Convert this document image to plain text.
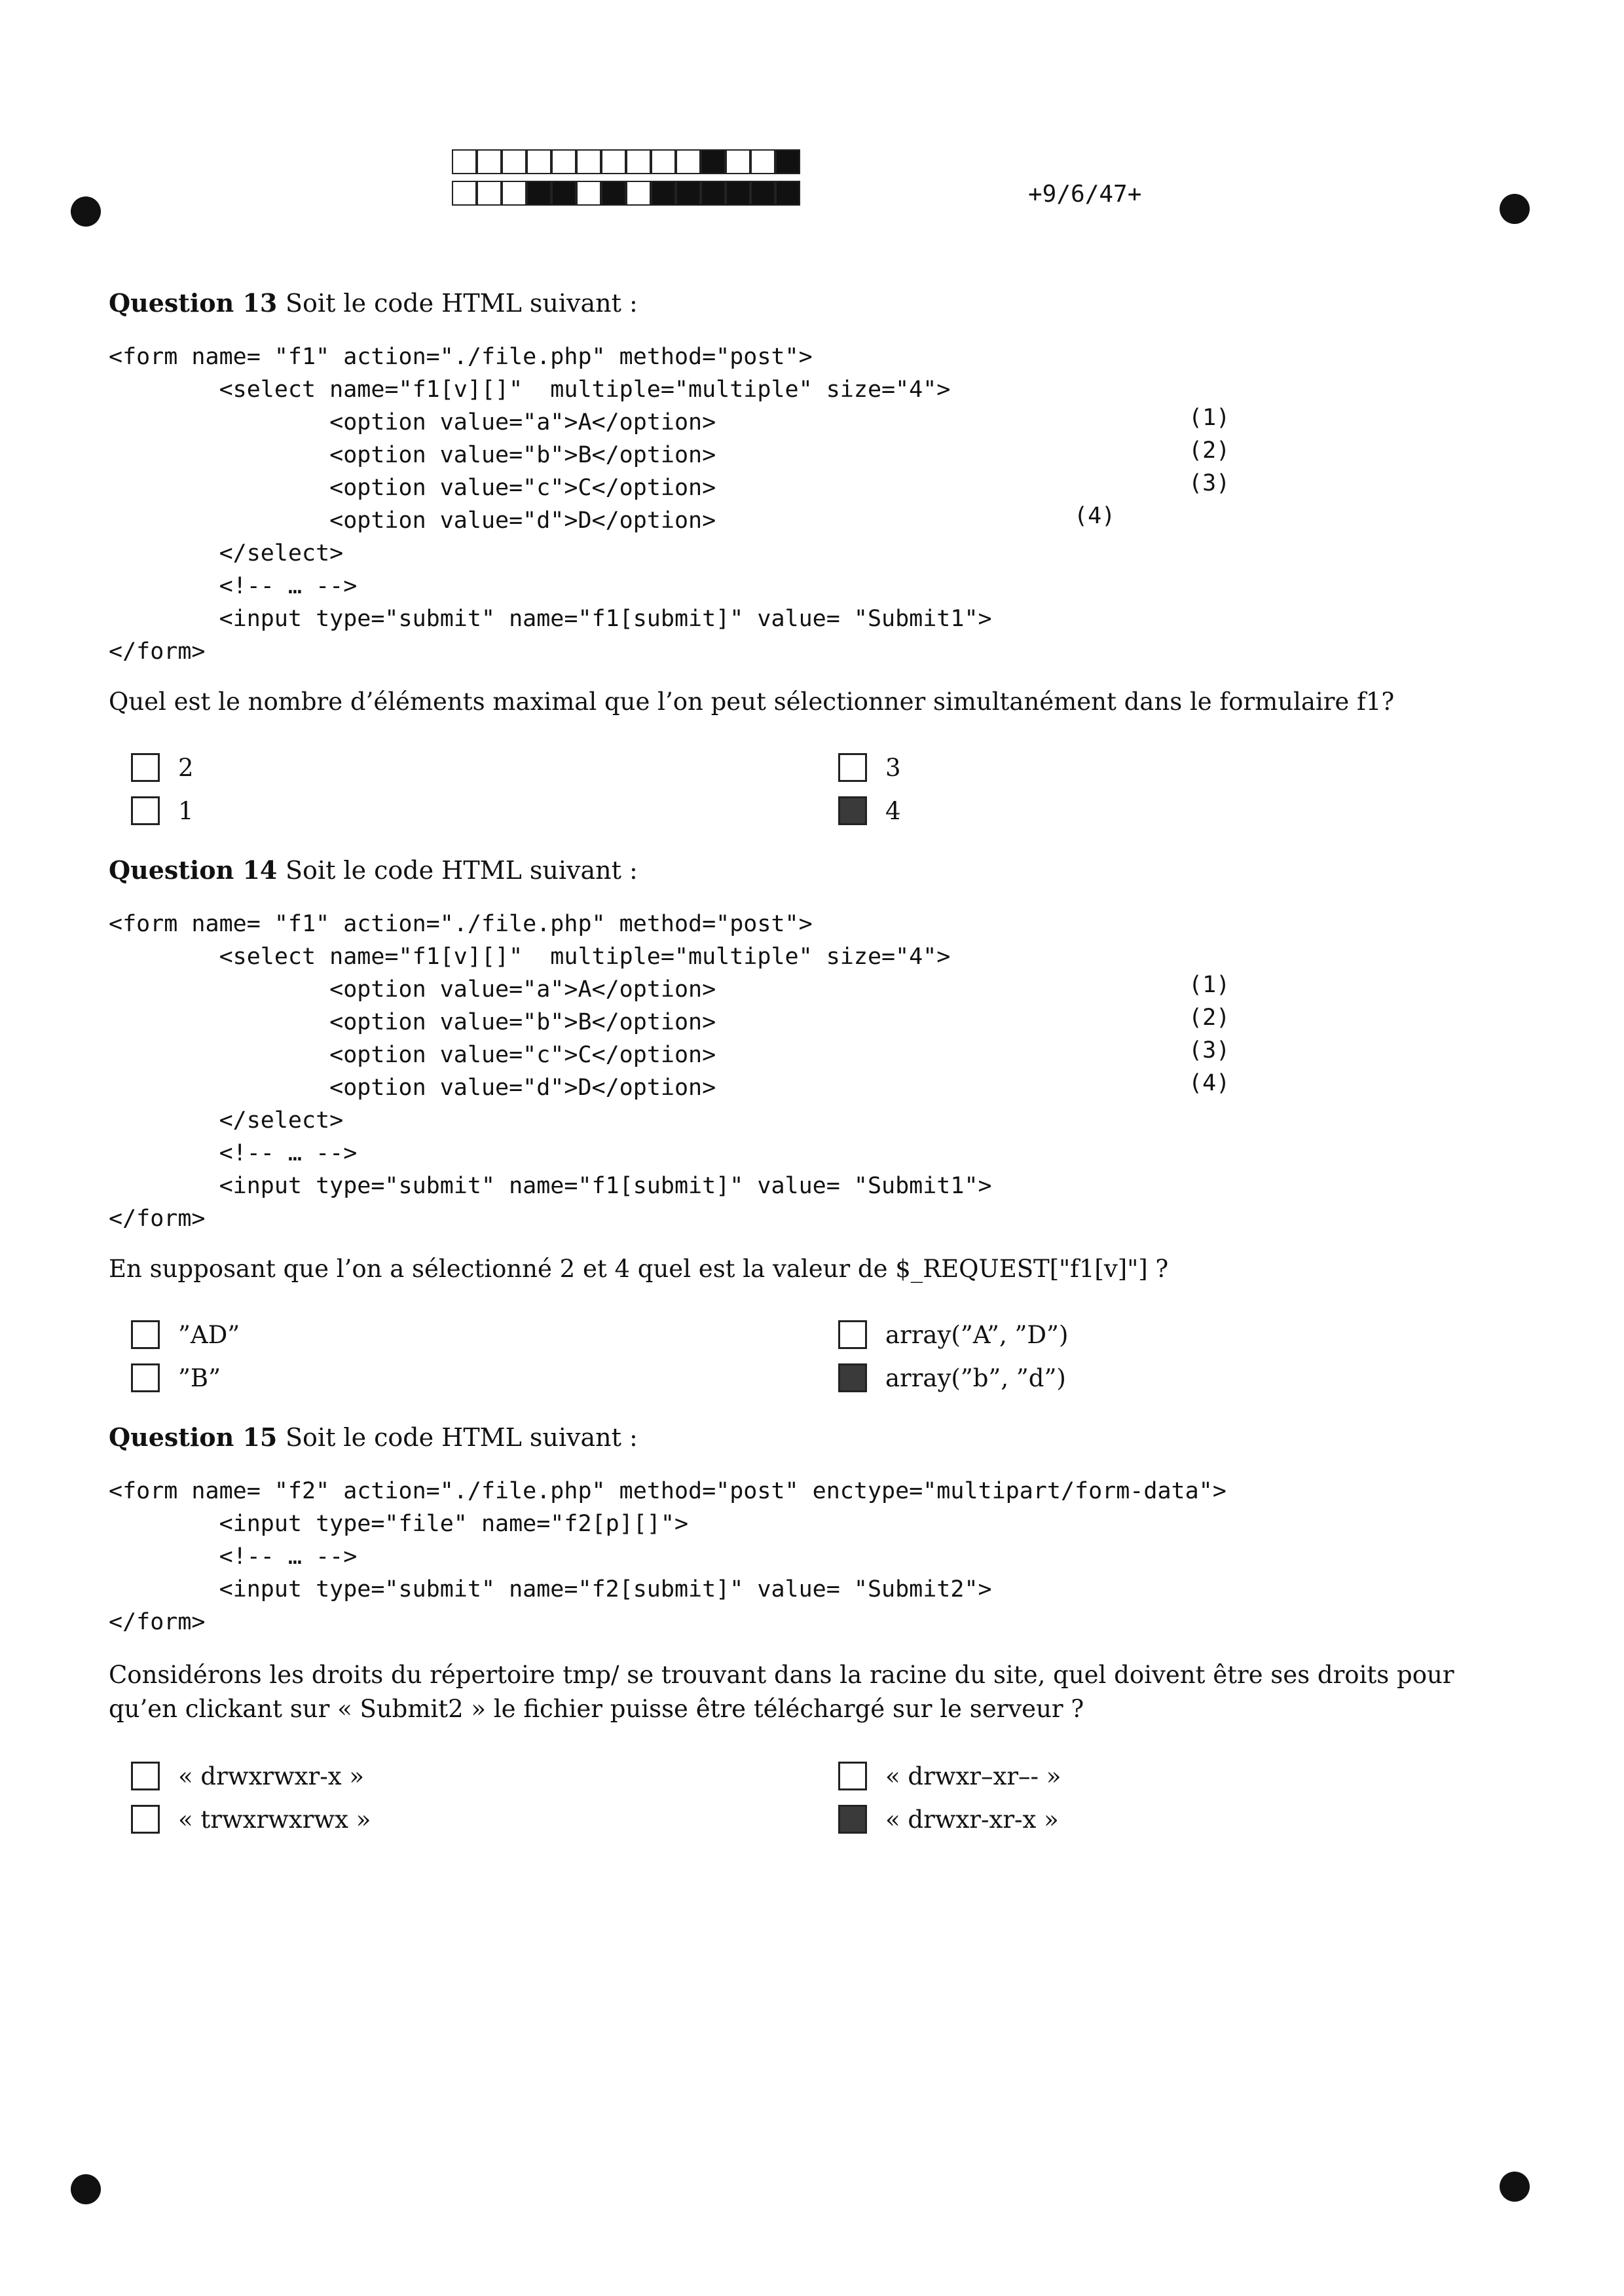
+9/6/47+
Question 13 Soit le code HTML suivant :
<form name= "f1" action="./file.php" method="post">
<select name="f1[v][]"  multiple="multiple" size="4">
<option value="a">A</option>
<option value="b">B</option>
<option value="c">C</option>
<option value="d">D</option>
</select>
<!-- … -->
<input type="submit" name="f1[submit]" value= "Submit1">
</form>
(1)
(2)
(3)
(4)
Quel est le nombre d’éléments maximal que l’on peut sélectionner simultanément dans le formulaire f1?
2	3
1	4
Question 14 Soit le code HTML suivant :
<form name= "f1" action="./file.php" method="post">
<select name="f1[v][]"  multiple="multiple" size="4">
<option value="a">A</option>
<option value="b">B</option>
<option value="c">C</option>
<option value="d">D</option>
</select>
<!-- … -->
<input type="submit" name="f1[submit]" value= "Submit1">
</form>
(1)
(2)
(3)
(4)
En supposant que l’on a sélectionné 2 et 4 quel est la valeur de $_REQUEST["f1[v]"] ?
”AD”	array(”A”, ”D”)
”B”	array(”b”, ”d”)
Question 15 Soit le code HTML suivant :
<form name= "f2" action="./file.php" method="post" enctype="multipart/form-data">
<input type="file" name="f2[p][]">
<!-- … -->
<input type="submit" name="f2[submit]" value= "Submit2">
</form>
Considérons les droits du répertoire tmp/ se trouvant dans la racine du site, quel doivent être ses droits pour qu’en clickant sur « Submit2 » le fichier puisse être téléchargé sur le serveur ?
« drwxrwxr-x »	« drwxr–xr–- »
« trwxrwxrwx »	« drwxr-xr-x »
